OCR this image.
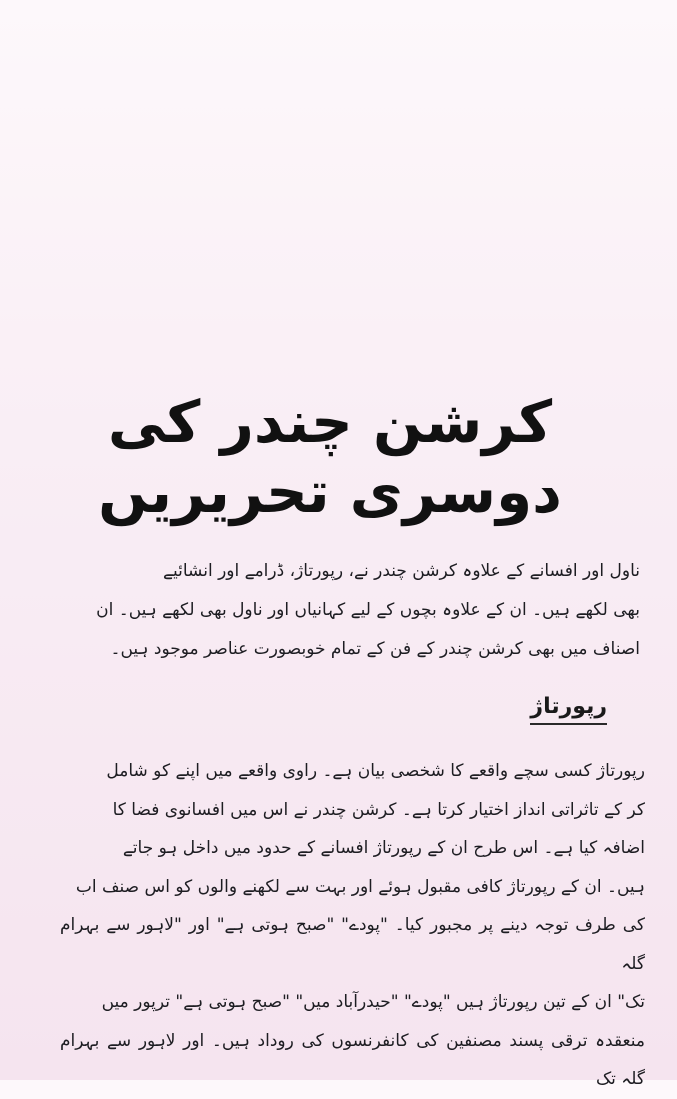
کرشن چندر کی دوسری تحریریں
ناول اور افسانے کے علاوہ کرشن چندر نے، رپورتاژ، ڈرامے اور انشائیے
بھی لکھے ہیں۔ ان کے علاوہ بچوں کے لیے کہانیاں اور ناول بھی لکھے ہیں۔ ان
اصناف میں بھی کرشن چندر کے فن کے تمام خوبصورت عناصر موجود ہیں۔
رپورتاژ
رپورتاژ کسی سچے واقعے کا شخصی بیان ہے۔ راوی واقعے میں اپنے کو شامل
کر کے تاثراتی انداز اختیار کرتا ہے۔ کرشن چندر نے اس میں افسانوی فضا کا
اضافہ کیا ہے۔ اس طرح ان کے رپورتاژ افسانے کے حدود میں داخل ہو جاتے
ہیں۔ ان کے رپورتاژ کافی مقبول ہوئے اور بہت سے لکھنے والوں کو اس صنف اب
کی طرف توجہ دینے پر مجبور کیا۔ "پودے" "صبح ہوتی ہے" اور "لاہور سے بہرام گلہ
تک" ان کے تین رپورتاژ ہیں "پودے" "حیدرآباد میں" "صبح ہوتی ہے" ترپور میں
منعقدہ ترقی پسند مصنفین کی کانفرنسوں کی روداد ہیں۔ اور لاہور سے بہرام گلہ تک
